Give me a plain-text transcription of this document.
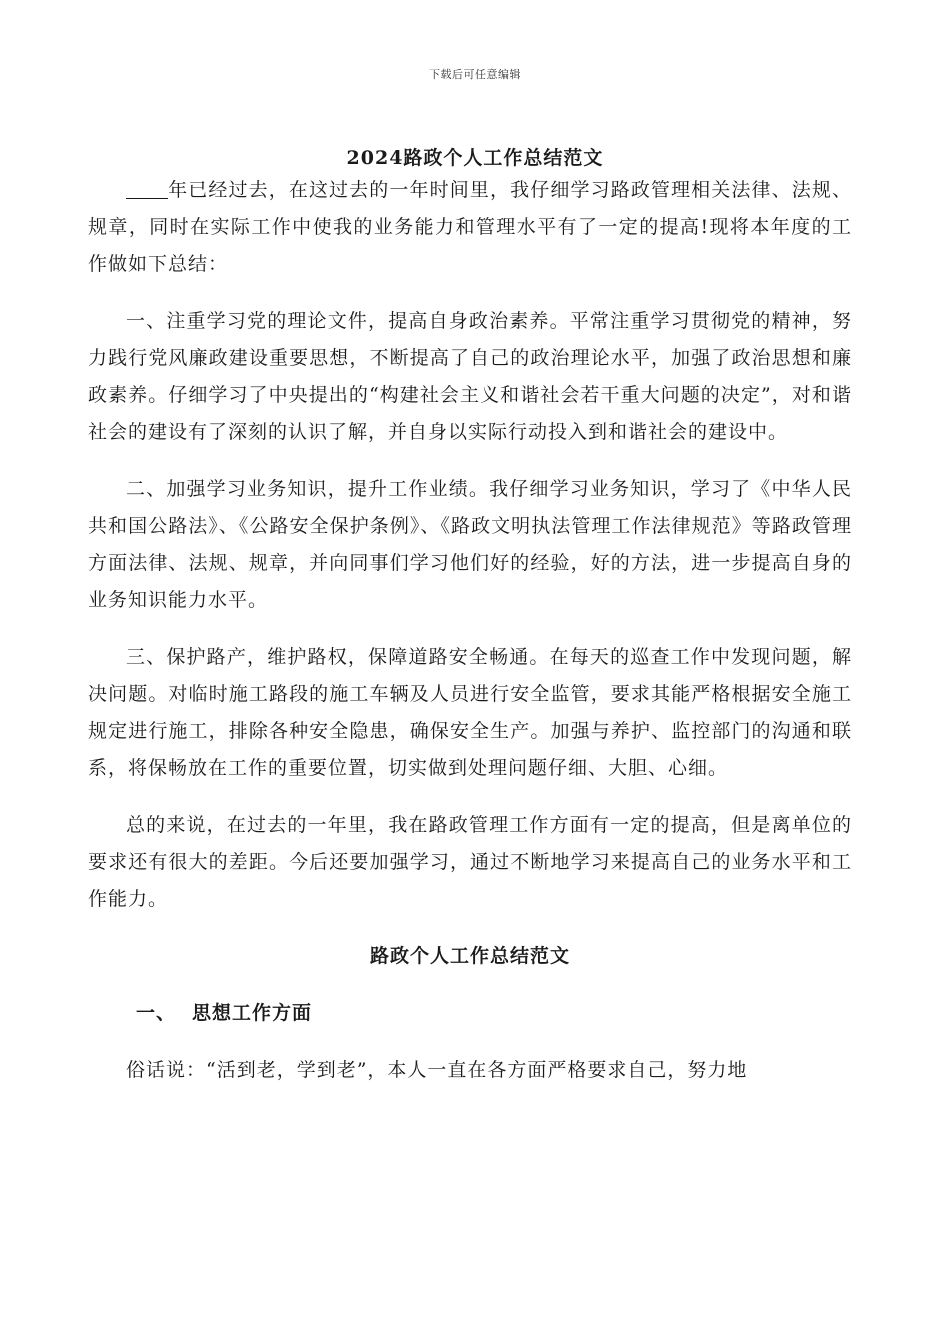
下载后可任意编辑
2024路政个人工作总结范文

年已经过去，在这过去的一年时间里，我仔细学习路政管理相关法律、法规、规章，同时在实际工作中使我的业务能力和管理水平有了一定的提高!现将本年度的工作做如下总结：

一、注重学习党的理论文件，提高自身政治素养。平常注重学习贯彻党的精神，努力践行党风廉政建设重要思想，不断提高了自己的政治理论水平，加强了政治思想和廉政素养。仔细学习了中央提出的“构建社会主义和谐社会若干重大问题的决定”，对和谐社会的建设有了深刻的认识了解，并自身以实际行动投入到和谐社会的建设中。

二、加强学习业务知识，提升工作业绩。我仔细学习业务知识，学习了《中华人民共和国公路法》、《公路安全保护条例》、《路政文明执法管理工作法律规范》等路政管理方面法律、法规、规章，并向同事们学习他们好的经验，好的方法，进一步提高自身的业务知识能力水平。

三、保护路产，维护路权，保障道路安全畅通。在每天的巡查工作中发现问题，解决问题。对临时施工路段的施工车辆及人员进行安全监管，要求其能严格根据安全施工规定进行施工，排除各种安全隐患，确保安全生产。加强与养护、监控部门的沟通和联系，将保畅放在工作的重要位置，切实做到处理问题仔细、大胆、心细。

总的来说，在过去的一年里，我在路政管理工作方面有一定的提高，但是离单位的要求还有很大的差距。今后还要加强学习，通过不断地学习来提高自己的业务水平和工作能力。

路政个人工作总结范文
一、 思想工作方面

俗话说：“活到老，学到老”，本人一直在各方面严格要求自己，努力地
